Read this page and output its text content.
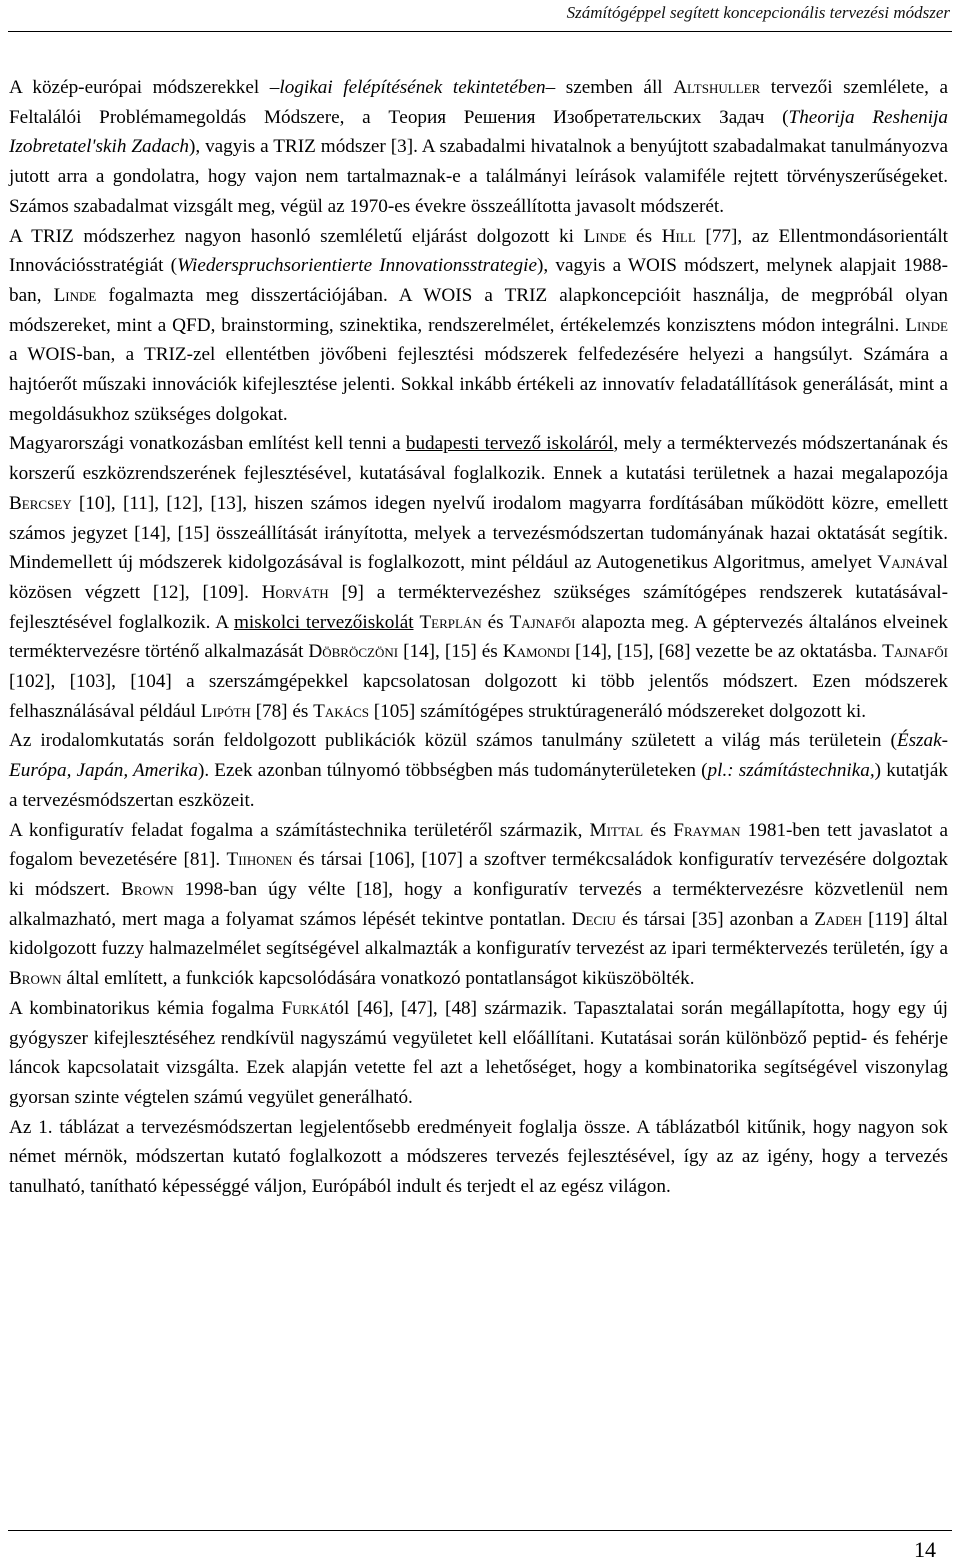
Számítógéppel segített koncepcionális tervezési módszer

A közép-európai módszerekkel –logikai felépítésének tekintetében– szemben áll Altshuller tervezői szemlélete, a Feltalálói Problémamegoldás Módszere, a Теория Решения Изобретательских Задач (Theorija Reshenija Izobretatel'skih Zadach), vagyis a TRIZ módszer [3]. A szabadalmi hivatalnok a benyújtott szabadalmakat tanulmányozva jutott arra a gondolatra, hogy vajon nem tartalmaznak-e a találmányi leírások valamiféle rejtett törvényszerűségeket. Számos szabadalmat vizsgált meg, végül az 1970-es évekre összeállította javasolt módszerét.

A TRIZ módszerhez nagyon hasonló szemléletű eljárást dolgozott ki Linde és Hill [77], az Ellentmondásorientált Innovációsstratégiát (Wiederspruchsorientierte Innovationsstrategie), vagyis a WOIS módszert, melynek alapjait 1988-ban, Linde fogalmazta meg disszertációjában. A WOIS a TRIZ alapkoncepcióit használja, de megpróbál olyan módszereket, mint a QFD, brainstorming, szinektika, rendszerelmélet, értékelemzés konzisztens módon integrálni. Linde a WOIS-ban, a TRIZ-zel ellentétben jövőbeni fejlesztési módszerek felfedezésére helyezi a hangsúlyt. Számára a hajtóerőt műszaki innovációk kifejlesztése jelenti. Sokkal inkább értékeli az innovatív feladatállítások generálását, mint a megoldásukhoz szükséges dolgokat.

Magyarországi vonatkozásban említést kell tenni a budapesti tervező iskoláról, mely a terméktervezés módszertanának és korszerű eszközrendszerének fejlesztésével, kutatásával foglalkozik. Ennek a kutatási területnek a hazai megalapozója Bercsey [10], [11], [12], [13], hiszen számos idegen nyelvű irodalom magyarra fordításában működött közre, emellett számos jegyzet [14], [15] összeállítását irányította, melyek a tervezésmódszertan tudományának hazai oktatását segítik. Mindemellett új módszerek kidolgozásával is foglalkozott, mint például az Autogenetikus Algoritmus, amelyet Vajnával közösen végzett [12], [109]. Horváth [9] a terméktervezéshez szükséges számítógépes rendszerek kutatásával-fejlesztésével foglalkozik. A miskolci tervezőiskolát Terplán és Tajnafői alapozta meg. A géptervezés általános elveinek terméktervezésre történő alkalmazását Döbröczöni [14], [15] és Kamondi [14], [15], [68] vezette be az oktatásba. Tajnafői [102], [103], [104] a szerszámgépekkel kapcsolatosan dolgozott ki több jelentős módszert. Ezen módszerek felhasználásával például Lipóth [78] és Takács [105] számítógépes struktúrageneráló módszereket dolgozott ki.

Az irodalomkutatás során feldolgozott publikációk közül számos tanulmány született a világ más területein (Észak-Európa, Japán, Amerika). Ezek azonban túlnyomó többségben más tudományterületeken (pl.: számítástechnika,) kutatják a tervezésmódszertan eszközeit.

A konfiguratív feladat fogalma a számítástechnika területéről származik, Mittal és Frayman 1981-ben tett javaslatot a fogalom bevezetésére [81]. Tiihonen és társai [106], [107] a szoftver termékcsaládok konfiguratív tervezésére dolgoztak ki módszert. Brown 1998-ban úgy vélte [18], hogy a konfiguratív tervezés a terméktervezésre közvetlenül nem alkalmazható, mert maga a folyamat számos lépését tekintve pontatlan. Deciu és társai [35] azonban a Zadeh [119] által kidolgozott fuzzy halmazelmélet segítségével alkalmazták a konfiguratív tervezést az ipari terméktervezés területén, így a Brown által említett, a funkciók kapcsolódására vonatkozó pontatlanságot kiküszöbölték.

A kombinatorikus kémia fogalma Furkától [46], [47], [48] származik. Tapasztalatai során megállapította, hogy egy új gyógyszer kifejlesztéséhez rendkívül nagyszámú vegyületet kell előállítani. Kutatásai során különböző peptid- és fehérje láncok kapcsolatait vizsgálta. Ezek alapján vetette fel azt a lehetőséget, hogy a kombinatorika segítségével viszonylag gyorsan szinte végtelen számú vegyület generálható.

Az 1. táblázat a tervezésmódszertan legjelentősebb eredményeit foglalja össze. A táblázatból kitűnik, hogy nagyon sok német mérnök, módszertan kutató foglalkozott a módszeres tervezés fejlesztésével, így az az igény, hogy a tervezés tanulható, tanítható képességgé váljon, Európából indult és terjedt el az egész világon.

14
